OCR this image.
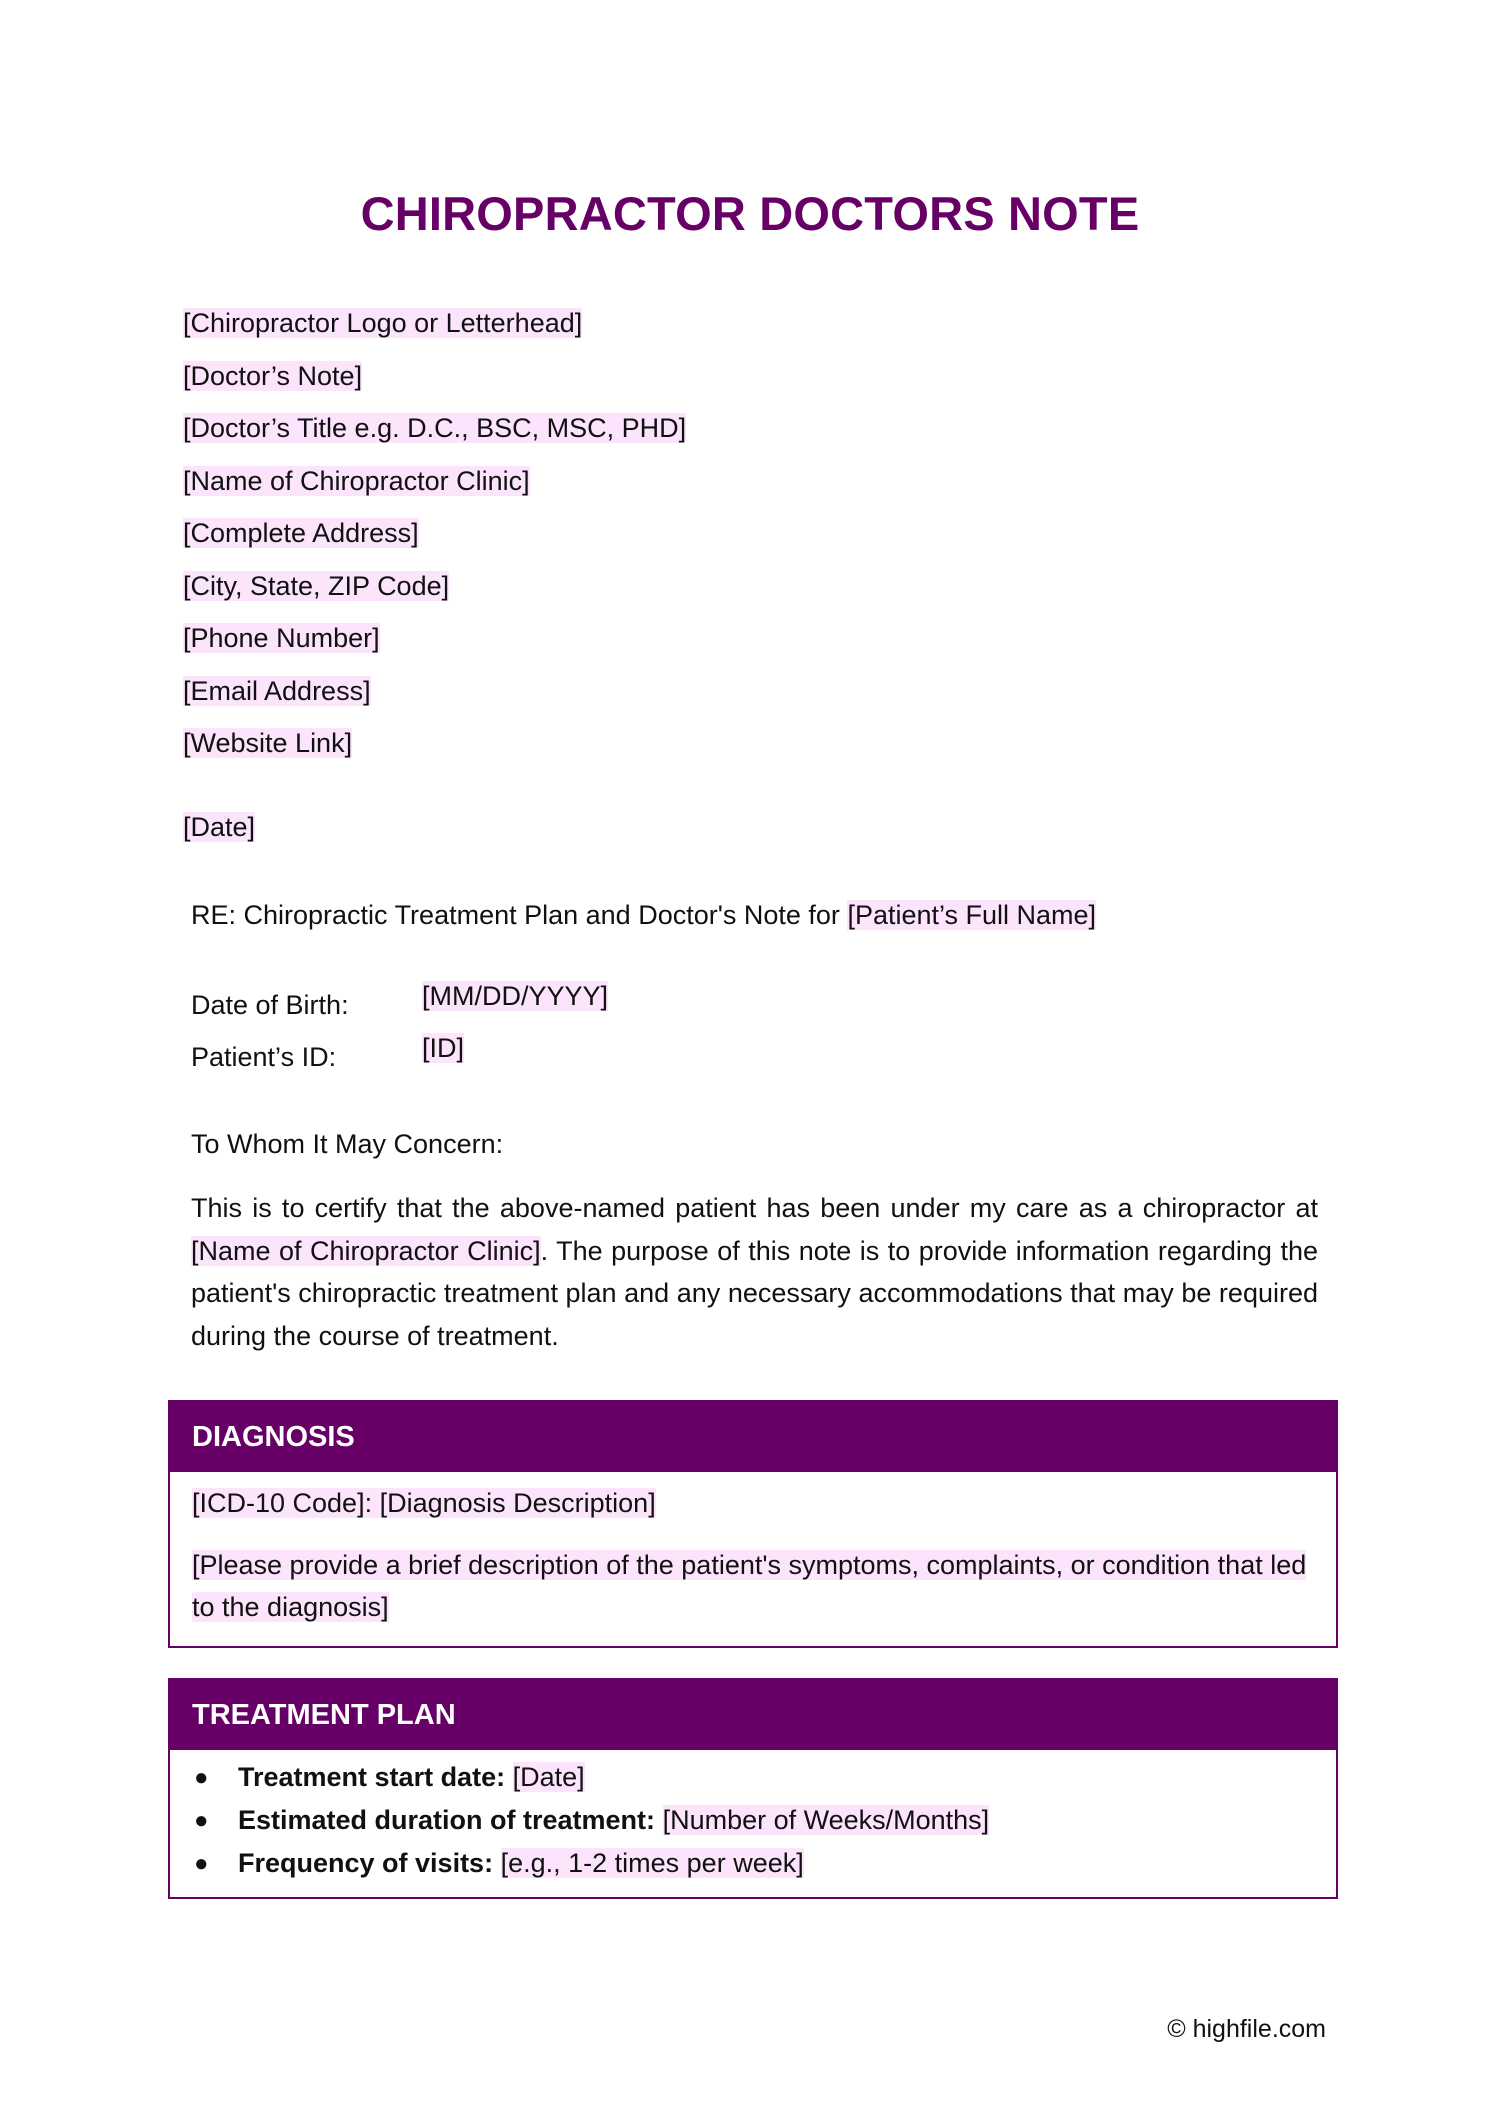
CHIROPRACTOR DOCTORS NOTE
[Chiropractor Logo or Letterhead]
[Doctor’s Note]
[Doctor’s Title e.g. D.C., BSC, MSC, PHD]
[Name of Chiropractor Clinic]
[Complete Address]
[City, State, ZIP Code]
[Phone Number]
[Email Address]
[Website Link]
[Date]
RE: Chiropractic Treatment Plan and Doctor's Note for [Patient’s Full Name]
Date of Birth:	[MM/DD/YYYY]
Patient’s ID:	[ID]
To Whom It May Concern:
This is to certify that the above-named patient has been under my care as a chiropractor at [Name of Chiropractor Clinic]. The purpose of this note is to provide information regarding the patient's chiropractic treatment plan and any necessary accommodations that may be required during the course of treatment.
DIAGNOSIS

[ICD-10 Code]: [Diagnosis Description]

[Please provide a brief description of the patient's symptoms, complaints, or condition that led to the diagnosis]

TREATMENT PLAN
● Treatment start date: [Date]
● Estimated duration of treatment: [Number of Weeks/Months]
● Frequency of visits: [e.g., 1-2 times per week]
© highfile.com
